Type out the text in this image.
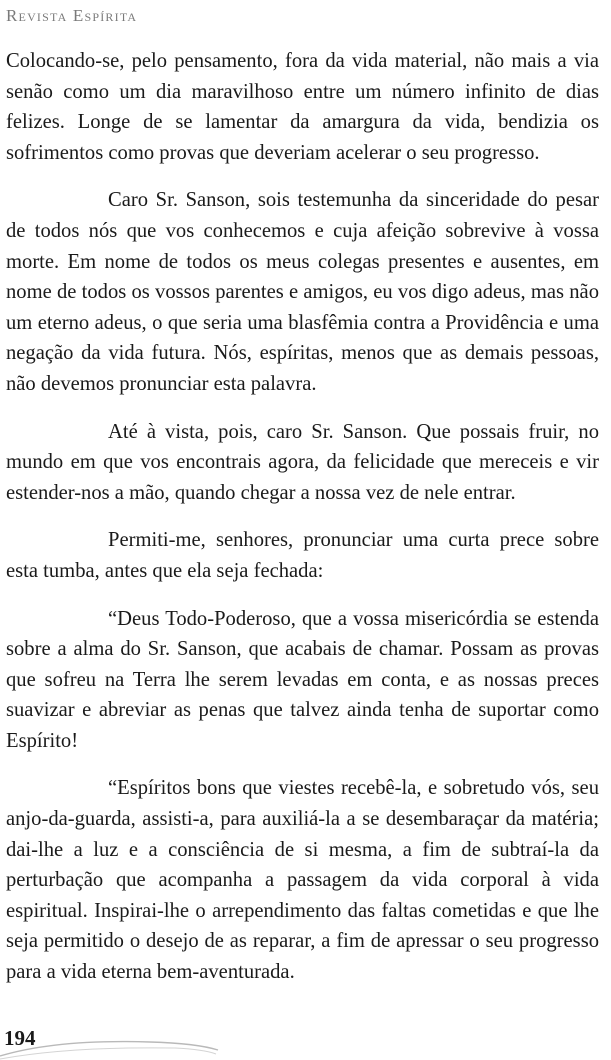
Revista Espírita

Colocando-se, pelo pensamento, fora da vida material, não mais a via senão como um dia maravilhoso entre um número infinito de dias felizes. Longe de se lamentar da amargura da vida, bendizia os sofrimentos como provas que deveriam acelerar o seu progresso.

Caro Sr. Sanson, sois testemunha da sinceridade do pesar de todos nós que vos conhecemos e cuja afeição sobrevive à vossa morte. Em nome de todos os meus colegas presentes e ausentes, em nome de todos os vossos parentes e amigos, eu vos digo adeus, mas não um eterno adeus, o que seria uma blasfêmia contra a Providência e uma negação da vida futura. Nós, espíritas, menos que as demais pessoas, não devemos pronunciar esta palavra.

Até à vista, pois, caro Sr. Sanson. Que possais fruir, no mundo em que vos encontrais agora, da felicidade que mereceis e vir estender-nos a mão, quando chegar a nossa vez de nele entrar.

Permiti-me, senhores, pronunciar uma curta prece sobre esta tumba, antes que ela seja fechada:

“Deus Todo-Poderoso, que a vossa misericórdia se estenda sobre a alma do Sr. Sanson, que acabais de chamar. Possam as provas que sofreu na Terra lhe serem levadas em conta, e as nossas preces suavizar e abreviar as penas que talvez ainda tenha de suportar como Espírito!

“Espíritos bons que viestes recebê-la, e sobretudo vós, seu anjo-da-guarda, assisti-a, para auxiliá-la a se desembaraçar da matéria; dai-lhe a luz e a consciência de si mesma, a fim de subtraí-la da perturbação que acompanha a passagem da vida corporal à vida espiritual. Inspirai-lhe o arrependimento das faltas cometidas e que lhe seja permitido o desejo de as reparar, a fim de apressar o seu progresso para a vida eterna bem-aventurada.

194
